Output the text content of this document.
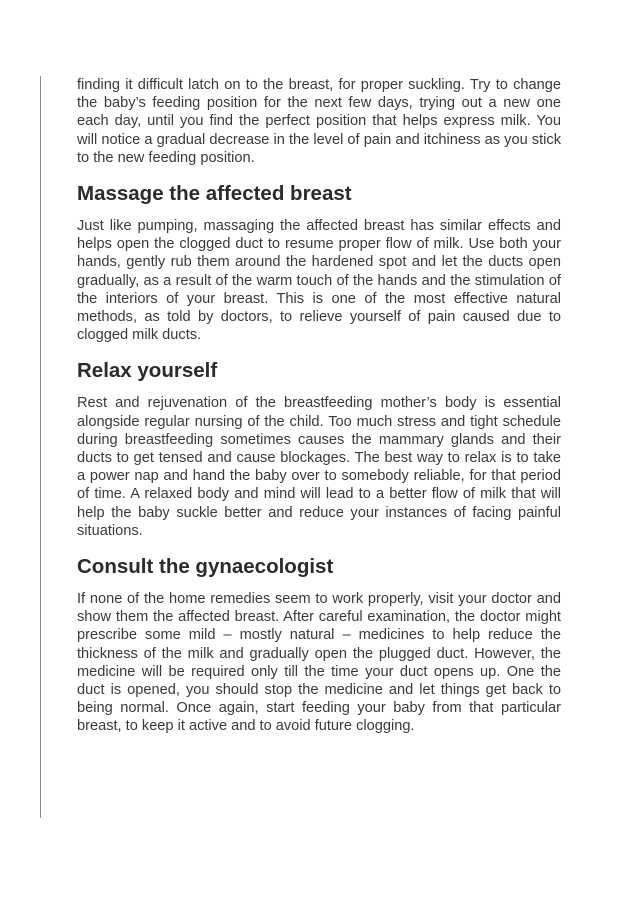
finding it difficult latch on to the breast, for proper suckling. Try to change the baby’s feeding position for the next few days, trying out a new one each day, until you find the perfect position that helps express milk. You will notice a gradual decrease in the level of pain and itchiness as you stick to the new feeding position.

Massage the affected breast

Just like pumping, massaging the affected breast has similar effects and helps open the clogged duct to resume proper flow of milk. Use both your hands, gently rub them around the hardened spot and let the ducts open gradually, as a result of the warm touch of the hands and the stimulation of the interiors of your breast. This is one of the most effective natural methods, as told by doctors, to relieve yourself of pain caused due to clogged milk ducts.

Relax yourself

Rest and rejuvenation of the breastfeeding mother’s body is essential alongside regular nursing of the child. Too much stress and tight schedule during breastfeeding sometimes causes the mammary glands and their ducts to get tensed and cause blockages. The best way to relax is to take a power nap and hand the baby over to somebody reliable, for that period of time. A relaxed body and mind will lead to a better flow of milk that will help the baby suckle better and reduce your instances of facing painful situations.

Consult the gynaecologist

If none of the home remedies seem to work properly, visit your doctor and show them the affected breast. After careful examination, the doctor might prescribe some mild – mostly natural – medicines to help reduce the thickness of the milk and gradually open the plugged duct. However, the medicine will be required only till the time your duct opens up. One the duct is opened, you should stop the medicine and let things get back to being normal. Once again, start feeding your baby from that particular breast, to keep it active and to avoid future clogging.
